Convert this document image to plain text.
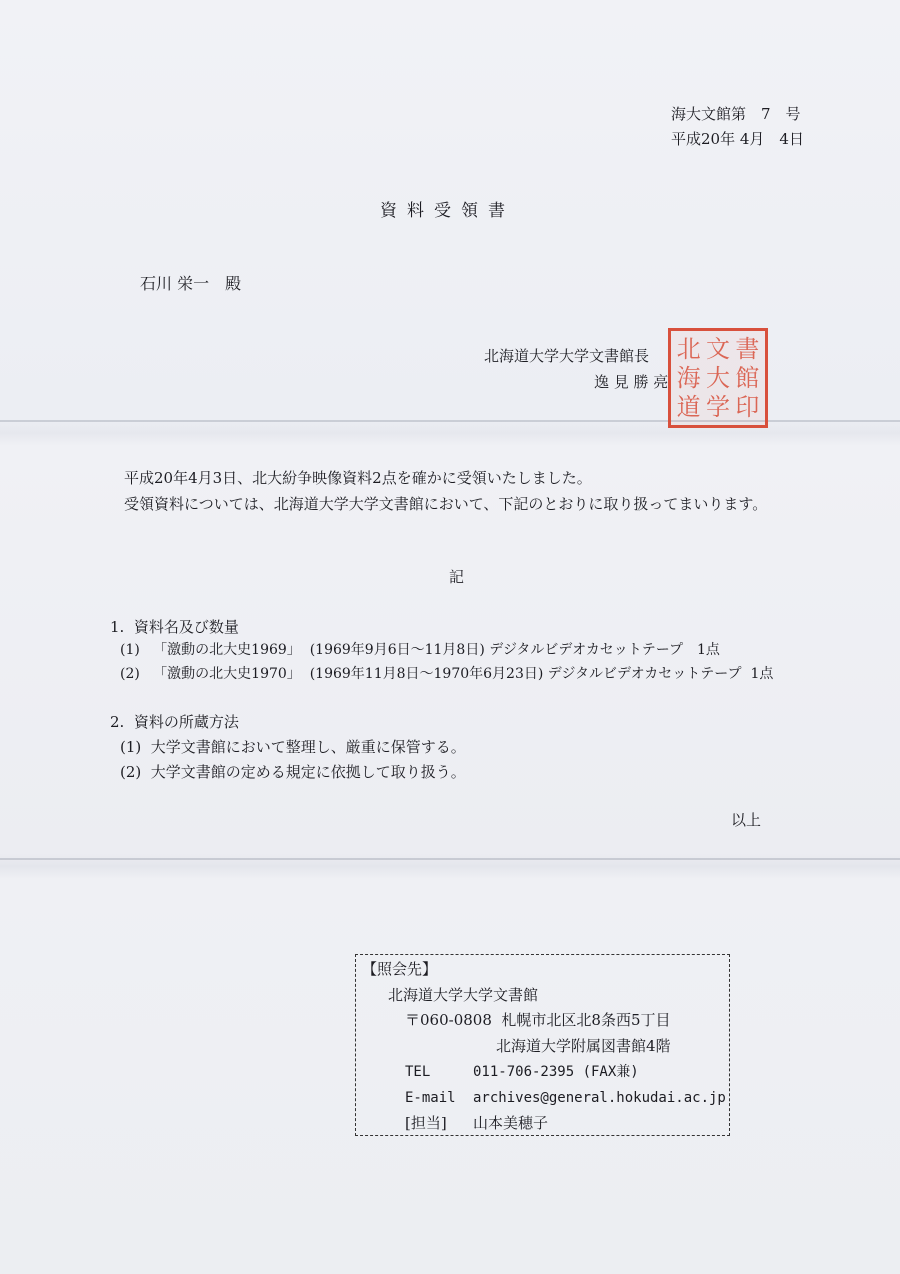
海大文館第　7　号
平成20年 4月　4日
資料受領書
石川 栄一　殿
北海道大学大学文書館長
逸 見 勝 亮
北 文 書
海 大 館
道 学 印
平成20年4月3日、北大紛争映像資料2点を確かに受領いたしました。
受領資料については、北海道大学大学文書館において、下記のとおりに取り扱ってまいります。
記
1.  資料名及び数量
(1)   「激動の北大史1969」  (1969年9月6日〜11月8日) デジタルビデオカセットテープ　1点
(2)   「激動の北大史1970」  (1969年11月8日〜1970年6月23日) デジタルビデオカセットテープ  1点
2.  資料の所蔵方法
(1)  大学文書館において整理し、厳重に保管する。
(2)  大学文書館の定める規定に依拠して取り扱う。
以上
【照会先】
北海道大学大学文書館
〒060-0808  札幌市北区北8条西5丁目
北海道大学附属図書館4階
TEL	011-706-2395 (FAX兼)
E-mail archives@general.hokudai.ac.jp
[担当] 山本美穂子
